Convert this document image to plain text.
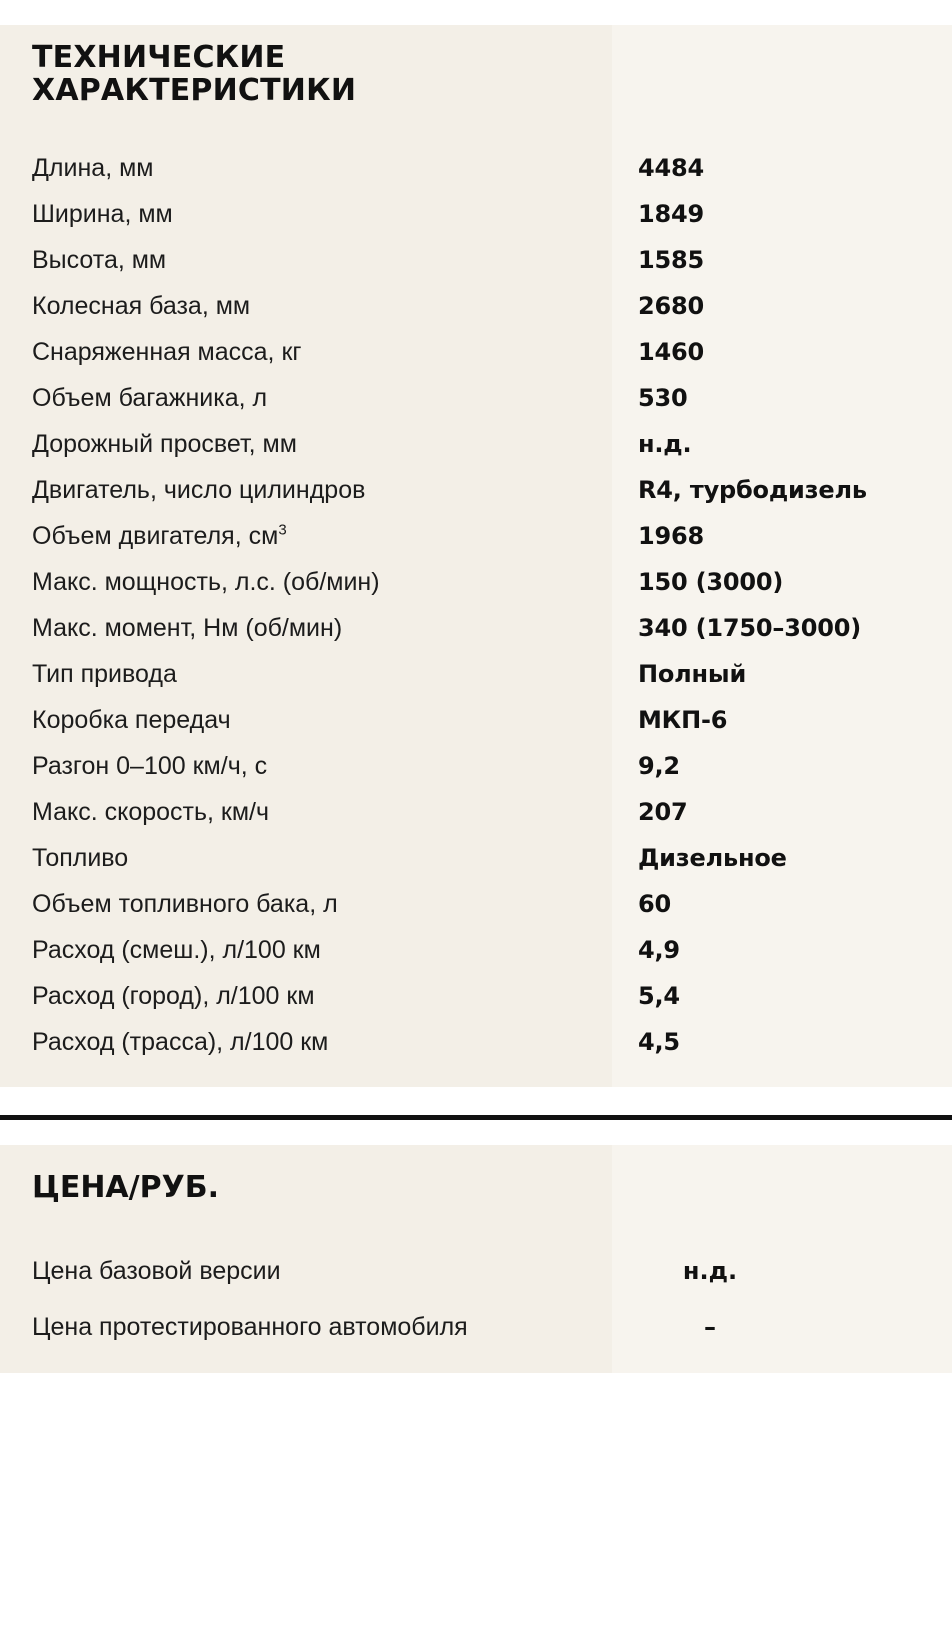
ТЕХНИЧЕСКИЕ ХАРАКТЕРИСТИКИ
Длина, мм	4484
Ширина, мм	1849
Высота, мм	1585
Колесная база, мм	2680
Снаряженная масса, кг	1460
Объем багажника, л	530
Дорожный просвет, мм	н.д.
Двигатель, число цилиндров	R4, турбодизель
Объем двигателя, $см^3$	1968
Макс. мощность, л.с. (об/мин)	150 (3000)
Макс. момент, Нм (об/мин)	340 (1750–3000)
Тип привода	Полный
Коробка передач	МКП-6
Разгон 0–100 км/ч, с	9,2
Макс. скорость, км/ч	207
Топливо	Дизельное
Объем топливного бака, л	60
Расход (смеш.), л/100 км	4,9
Расход (город), л/100 км	5,4
Расход (трасса), л/100 км	4,5
ЦЕНА/РУБ.
Цена базовой версии	н.д.
Цена протестированного автомобиля	–
